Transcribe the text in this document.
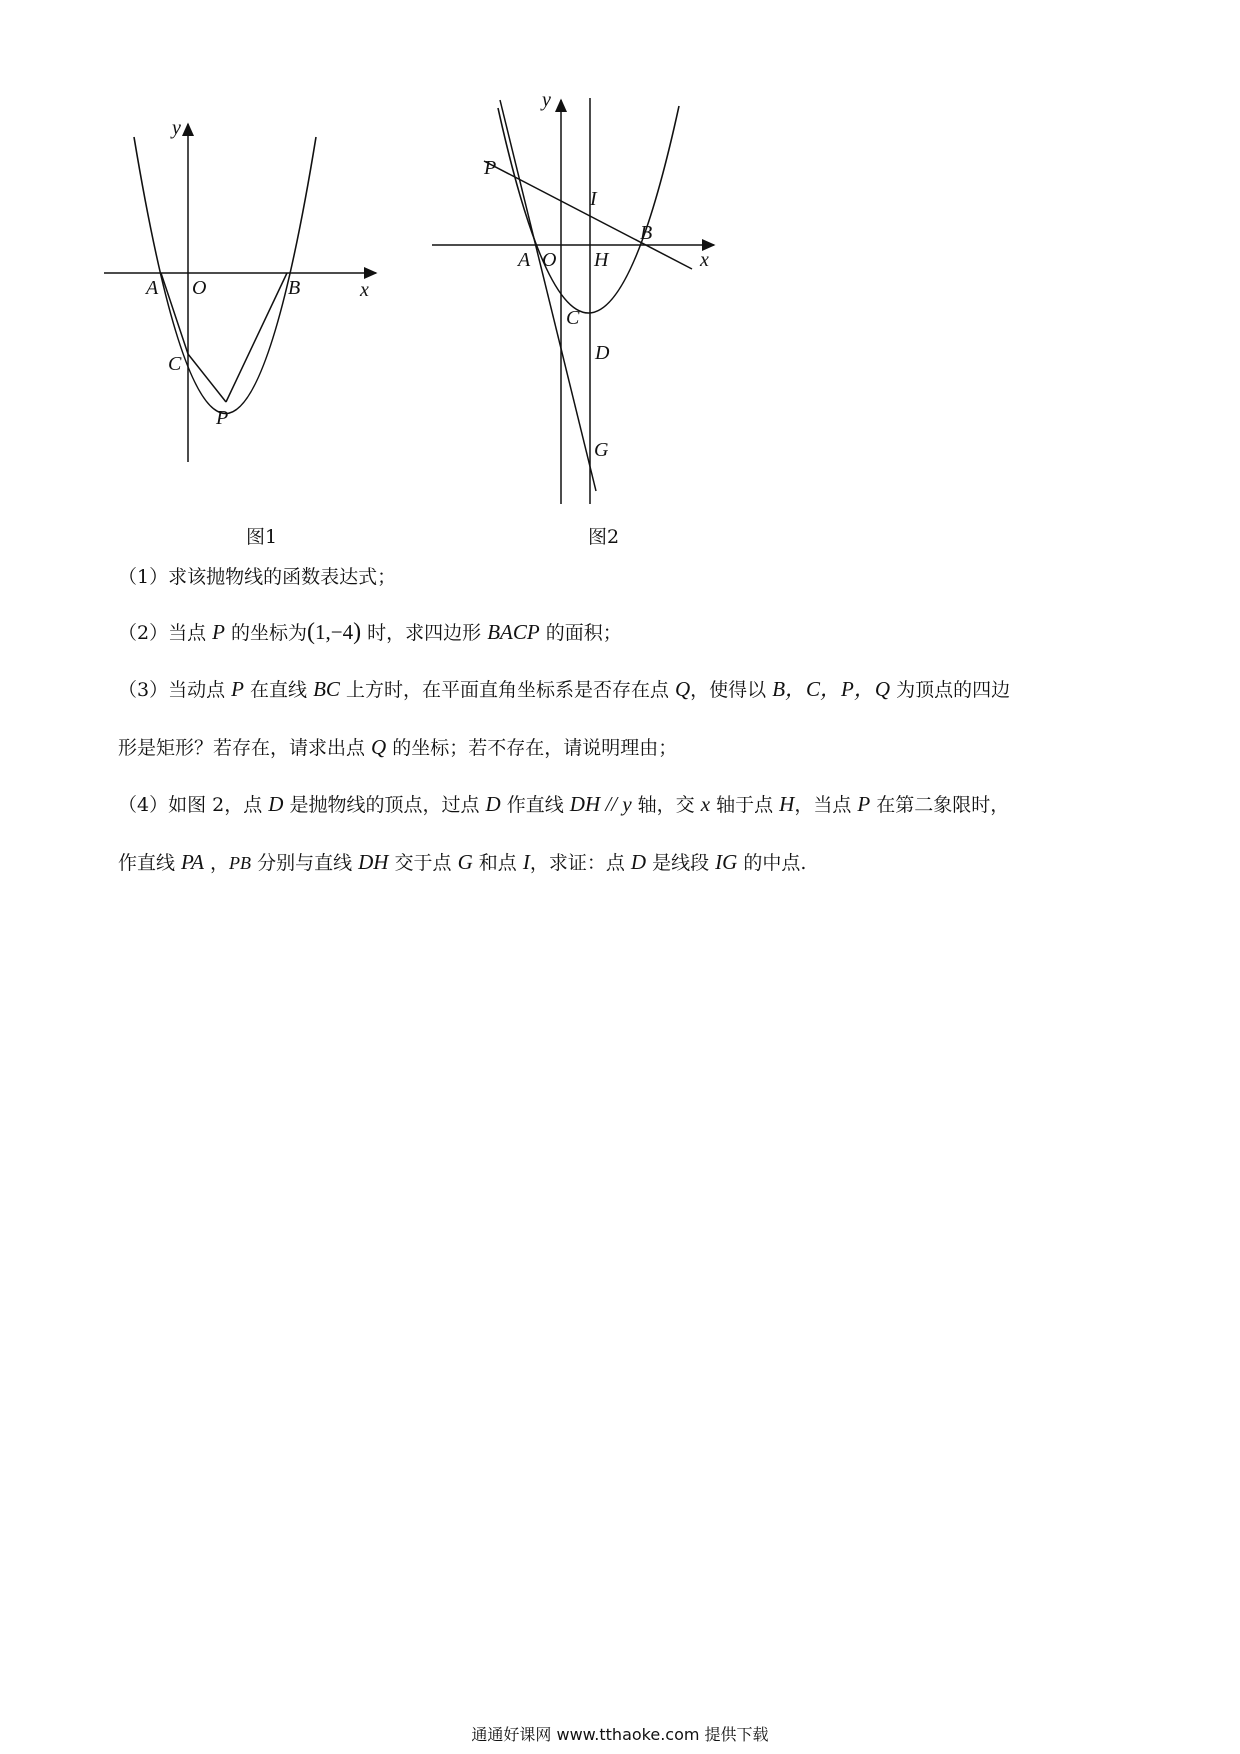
y
x
A O	B
C
P
图1
y
x
P
I
B
A O H
C
D
G
图2
（1）求该抛物线的函数表达式；
（2）当点 P 的坐标为(1,−4) 时，求四边形 BACP 的面积；
（3）当动点 P 在直线 BC 上方时，在平面直角坐标系是否存在点 Q，使得以 B，C，P，Q 为顶点的四边
形是矩形？若存在，请求出点 Q 的坐标；若不存在，请说明理由；
（4）如图 2，点 D 是抛物线的顶点，过点 D 作直线 DH // y 轴，交 x 轴于点 H，当点 P 在第二象限时，
作直线 PA ，PB 分别与直线 DH 交于点 G 和点 I，求证：点 D 是线段 IG 的中点.
通通好课网 www.tthaoke.com 提供下载
